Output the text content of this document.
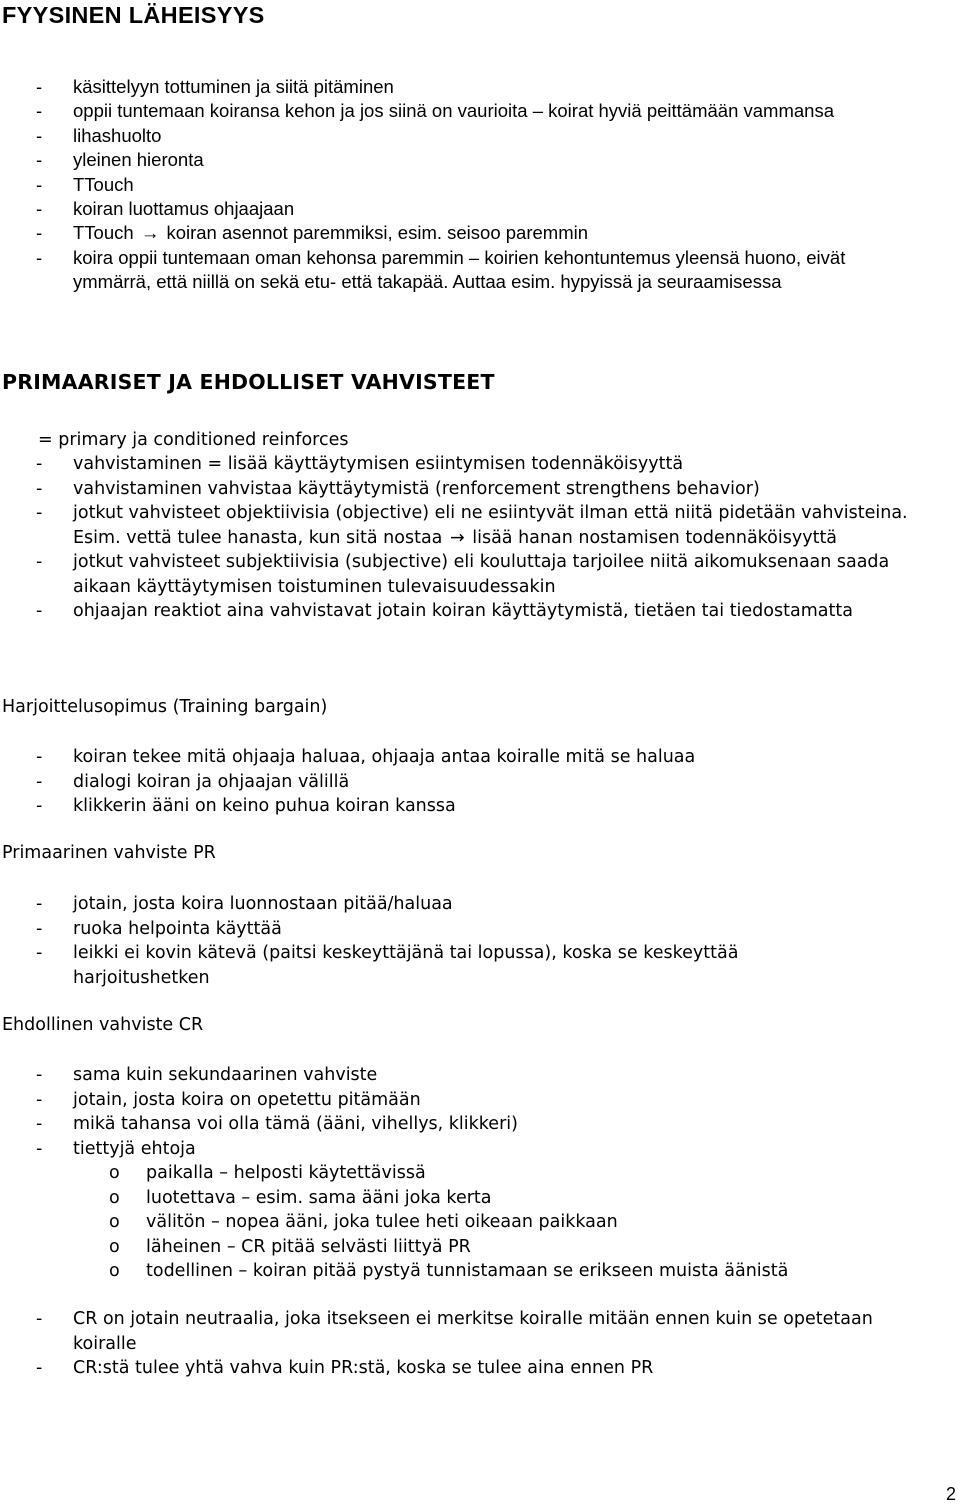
FYYSINEN LÄHEISYYS
- käsittelyyn tottuminen ja siitä pitäminen
- oppii tuntemaan koiransa kehon ja jos siinä on vaurioita – koirat hyviä peittämään vammansa
- lihashuolto
- yleinen hieronta
- TTouch
- koiran luottamus ohjaajaan
- TTouch → koiran asennot paremmiksi, esim. seisoo paremmin
- koira oppii tuntemaan oman kehonsa paremmin – koirien kehontuntemus yleensä huono, eivät ymmärrä, että niillä on sekä etu- että takapää. Auttaa esim. hypyissä ja seuraamisessa
PRIMAARISET JA EHDOLLISET VAHVISTEET
= primary ja conditioned reinforces
- vahvistaminen = lisää käyttäytymisen esiintymisen todennäköisyyttä
- vahvistaminen vahvistaa käyttäytymistä (renforcement strengthens behavior)
- jotkut vahvisteet objektiivisia (objective) eli ne esiintyvät ilman että niitä pidetään vahvisteina. Esim. vettä tulee hanasta, kun sitä nostaa → lisää hanan nostamisen todennäköisyyttä
- jotkut vahvisteet subjektiivisia (subjective) eli kouluttaja tarjoilee niitä aikomuksenaan saada aikaan käyttäytymisen toistuminen tulevaisuudessakin
- ohjaajan reaktiot aina vahvistavat jotain koiran käyttäytymistä, tietäen tai tiedostamatta
Harjoittelusopimus (Training bargain)
- koiran tekee mitä ohjaaja haluaa, ohjaaja antaa koiralle mitä se haluaa
- dialogi koiran ja ohjaajan välillä
- klikkerin ääni on keino puhua koiran kanssa
Primaarinen vahviste PR
- jotain, josta koira luonnostaan pitää/haluaa
- ruoka helpointa käyttää
- leikki ei kovin kätevä (paitsi keskeyttäjänä tai lopussa), koska se keskeyttää harjoitushetken
Ehdollinen vahviste CR
- sama kuin sekundaarinen vahviste
- jotain, josta koira on opetettu pitämään
- mikä tahansa voi olla tämä (ääni, vihellys, klikkeri)
- tiettyjä ehtoja
o paikalla – helposti käytettävissä
o luotettava – esim. sama ääni joka kerta
o välitön – nopea ääni, joka tulee heti oikeaan paikkaan
o läheinen – CR pitää selvästi liittyä PR
o todellinen – koiran pitää pystyä tunnistamaan se erikseen muista äänistä
- CR on jotain neutraalia, joka itsekseen ei merkitse koiralle mitään ennen kuin se opetetaan koiralle
- CR:stä tulee yhtä vahva kuin PR:stä, koska se tulee aina ennen PR
2
